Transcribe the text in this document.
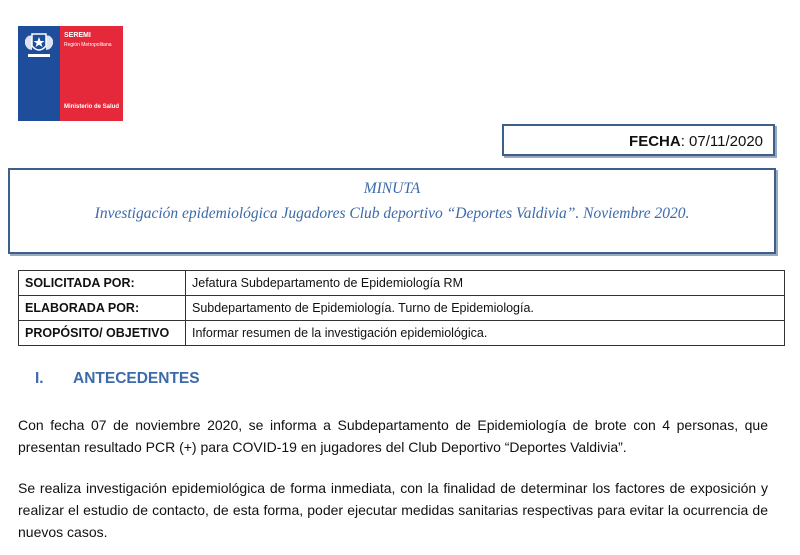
SEREMI
Región Metropolitana
Ministerio de Salud
FECHA: 07/11/2020
MINUTA
Investigación epidemiológica Jugadores Club deportivo “Deportes Valdivia”. Noviembre 2020.
SOLICITADA POR:	Jefatura Subdepartamento de Epidemiología RM
ELABORADA POR:	Subdepartamento de Epidemiología. Turno de Epidemiología.
PROPÓSITO/ OBJETIVO	Informar resumen de la investigación epidemiológica.
I. ANTECEDENTES
Con fecha 07 de noviembre 2020, se informa a Subdepartamento de Epidemiología de brote con 4 personas, que presentan resultado PCR (+) para COVID-19 en jugadores del Club Deportivo “Deportes Valdivia”.
Se realiza investigación epidemiológica de forma inmediata, con la finalidad de determinar los factores de exposición y realizar el estudio de contacto, de esta forma, poder ejecutar medidas sanitarias respectivas para evitar la ocurrencia de nuevos casos.
